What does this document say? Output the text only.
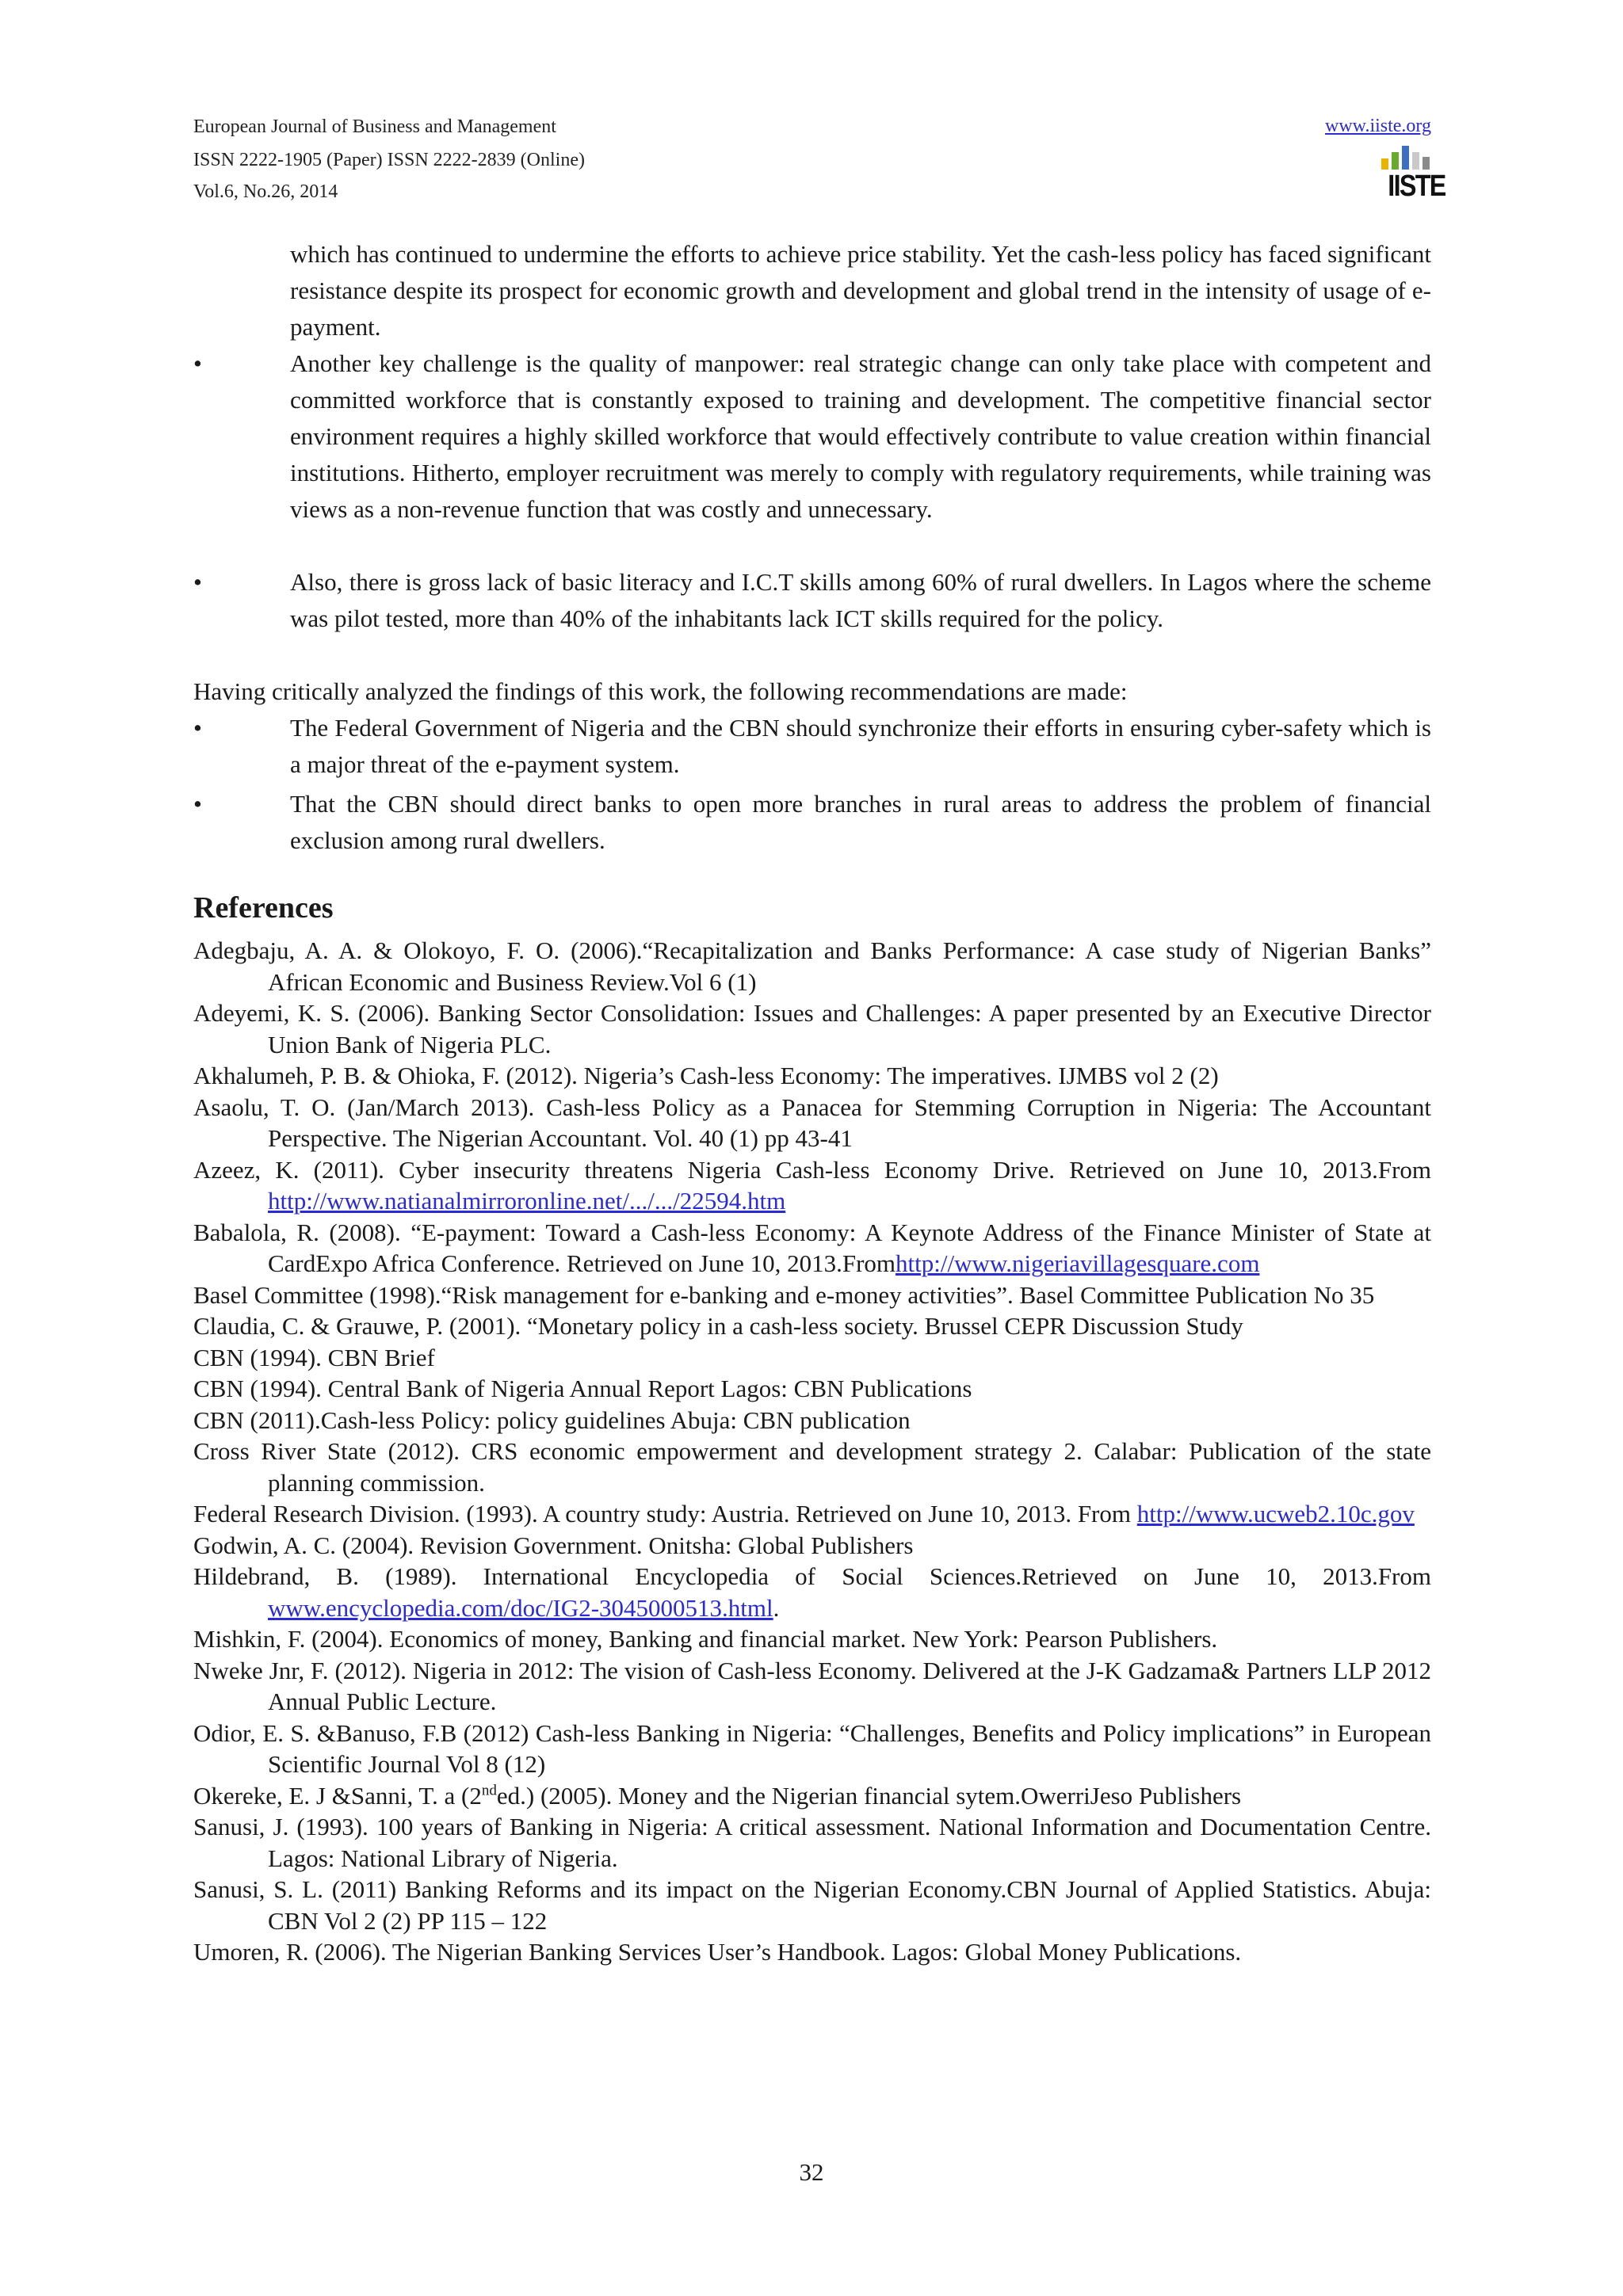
European Journal of Business and Management
ISSN 2222-1905 (Paper) ISSN 2222-2839 (Online)
Vol.6, No.26, 2014
www.iiste.org
IISTE

which has continued to undermine the efforts to achieve price stability. Yet the cash-less policy has faced significant resistance despite its prospect for economic growth and development and global trend in the intensity of usage of e-payment.

•	Another key challenge is the quality of manpower: real strategic change can only take place with competent and committed workforce that is constantly exposed to training and development. The competitive financial sector environment requires a highly skilled workforce that would effectively contribute to value creation within financial institutions. Hitherto, employer recruitment was merely to comply with regulatory requirements, while training was views as a non-revenue function that was costly and unnecessary.

•	Also, there is gross lack of basic literacy and I.C.T skills among 60% of rural dwellers. In Lagos where the scheme was pilot tested, more than 40% of the inhabitants lack ICT skills required for the policy.

Having critically analyzed the findings of this work, the following recommendations are made:

•	The Federal Government of Nigeria and the CBN should synchronize their efforts in ensuring cyber-safety which is a major threat of the e-payment system.

•	That the CBN should direct banks to open more branches in rural areas to address the problem of financial exclusion among rural dwellers.

References

Adegbaju, A. A. & Olokoyo, F. O. (2006).“Recapitalization and Banks Performance: A case study of Nigerian Banks” African Economic and Business Review.Vol 6 (1)

Adeyemi, K. S. (2006). Banking Sector Consolidation: Issues and Challenges: A paper presented by an Executive Director Union Bank of Nigeria PLC.

Akhalumeh, P. B. & Ohioka, F. (2012). Nigeria’s Cash-less Economy: The imperatives. IJMBS vol 2 (2)

Asaolu, T. O. (Jan/March 2013). Cash-less Policy as a Panacea for Stemming Corruption in Nigeria: The Accountant Perspective. The Nigerian Accountant. Vol. 40 (1) pp 43-41

Azeez, K. (2011). Cyber insecurity threatens Nigeria Cash-less Economy Drive. Retrieved on June 10, 2013.From http://www.natianalmirroronline.net/.../.../22594.htm

Babalola, R. (2008). “E-payment: Toward a Cash-less Economy: A Keynote Address of the Finance Minister of State at CardExpo Africa Conference. Retrieved on June 10, 2013.Fromhttp://www.nigeriavillagesquare.com

Basel Committee (1998).“Risk management for e-banking and e-money activities”. Basel Committee Publication No 35

Claudia, C. & Grauwe, P. (2001). “Monetary policy in a cash-less society. Brussel CEPR Discussion Study

CBN (1994). CBN Brief

CBN (1994). Central Bank of Nigeria Annual Report Lagos: CBN Publications

CBN (2011).Cash-less Policy: policy guidelines Abuja: CBN publication

Cross River State (2012). CRS economic empowerment and development strategy 2. Calabar: Publication of the state planning commission.

Federal Research Division. (1993). A country study: Austria. Retrieved on June 10, 2013. From http://www.ucweb2.10c.gov

Godwin, A. C. (2004). Revision Government. Onitsha: Global Publishers

Hildebrand, B. (1989). International Encyclopedia of Social Sciences.Retrieved on June 10, 2013.From www.encyclopedia.com/doc/IG2-3045000513.html.

Mishkin, F. (2004). Economics of money, Banking and financial market. New York: Pearson Publishers.

Nweke Jnr, F. (2012). Nigeria in 2012: The vision of Cash-less Economy. Delivered at the J-K Gadzama& Partners LLP 2012 Annual Public Lecture.

Odior, E. S. &Banuso, F.B (2012) Cash-less Banking in Nigeria: “Challenges, Benefits and Policy implications” in European Scientific Journal Vol 8 (12)

Okereke, E. J &Sanni, T. a (2nded.) (2005). Money and the Nigerian financial sytem.OwerriJeso Publishers

Sanusi, J. (1993). 100 years of Banking in Nigeria: A critical assessment. National Information and Documentation Centre. Lagos: National Library of Nigeria.

Sanusi, S. L. (2011) Banking Reforms and its impact on the Nigerian Economy.CBN Journal of Applied Statistics. Abuja: CBN Vol 2 (2) PP 115 – 122

Umoren, R. (2006). The Nigerian Banking Services User’s Handbook. Lagos: Global Money Publications.

32
